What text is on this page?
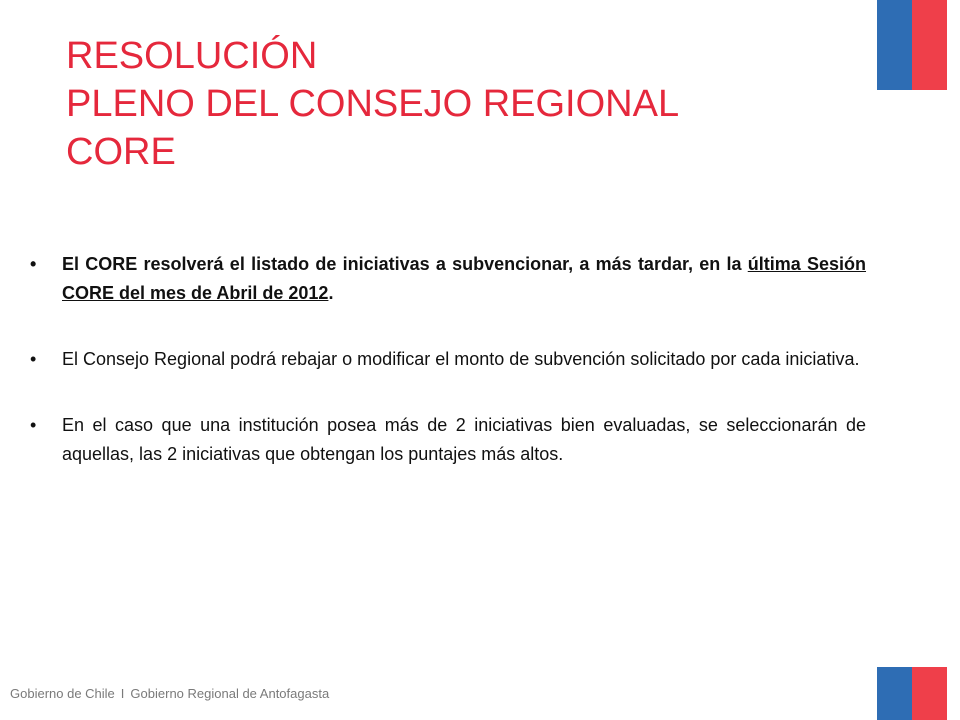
RESOLUCIÓN
PLENO DEL CONSEJO REGIONAL
CORE
• El CORE resolverá el listado de iniciativas a subvencionar, a más tardar, en la última Sesión CORE del mes de Abril de 2012.
• El Consejo Regional podrá rebajar o modificar el monto de subvención solicitado por cada iniciativa.
• En el caso que una institución posea más de 2 iniciativas bien evaluadas, se seleccionarán de aquellas, las 2 iniciativas que obtengan los puntajes más altos.
Gobierno de Chile I Gobierno Regional de Antofagasta
